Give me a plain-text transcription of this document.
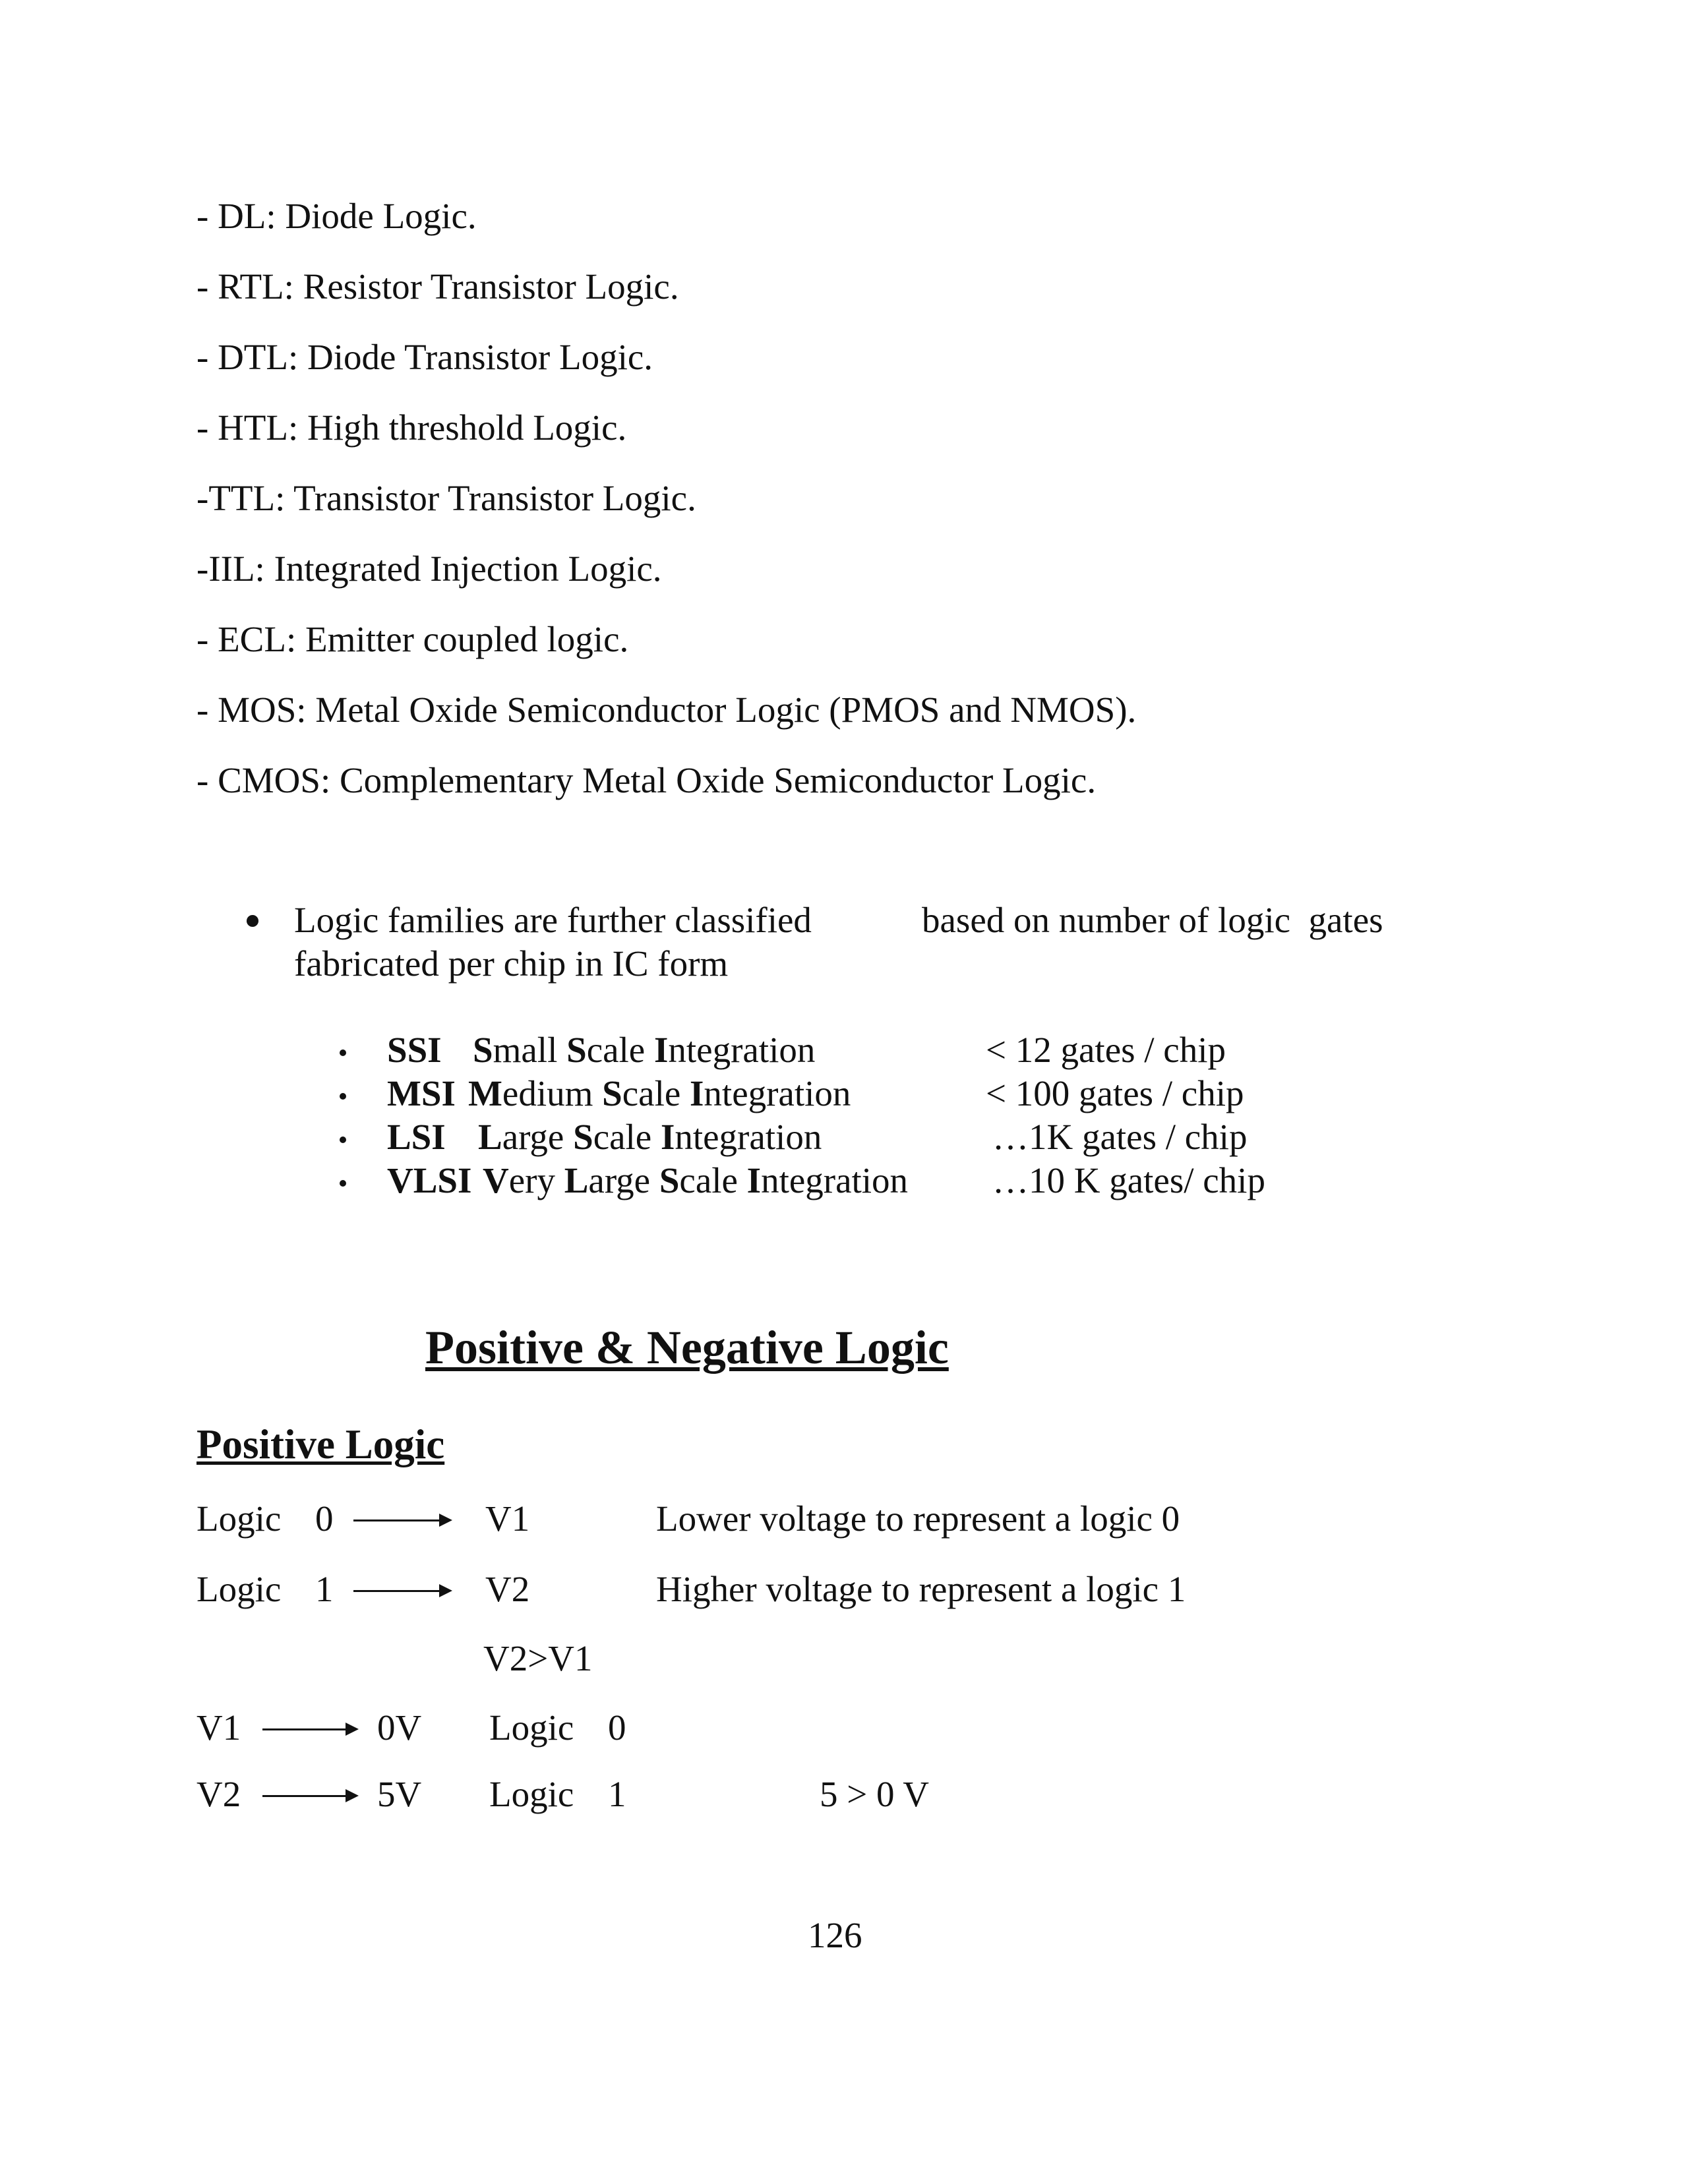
- DL: Diode Logic.
- RTL: Resistor Transistor Logic.
- DTL: Diode Transistor Logic.
- HTL: High threshold Logic.
-TTL: Transistor Transistor Logic.
-IIL: Integrated Injection Logic.
- ECL: Emitter coupled logic.
- MOS: Metal Oxide Semiconductor Logic (PMOS and NMOS).
- CMOS: Complementary Metal Oxide Semiconductor Logic.
Logic families are further classified	based on number of logic  gates
fabricated per chip in IC form
SSI Small Scale Integration	< 12 gates / chip
MSI Medium Scale Integration	< 100 gates / chip
LSI Large Scale Integration	…1K gates / chip
VLSI Very Large Scale Integration …10 K gates/ chip
Positive & Negative Logic
Positive Logic
Logic 0	V1	Lower voltage to represent a logic 0
Logic 1	V2	Higher voltage to represent a logic 1
V2>V1
V1	0V Logic 0
V2	5V Logic 1	5 > 0 V
126
